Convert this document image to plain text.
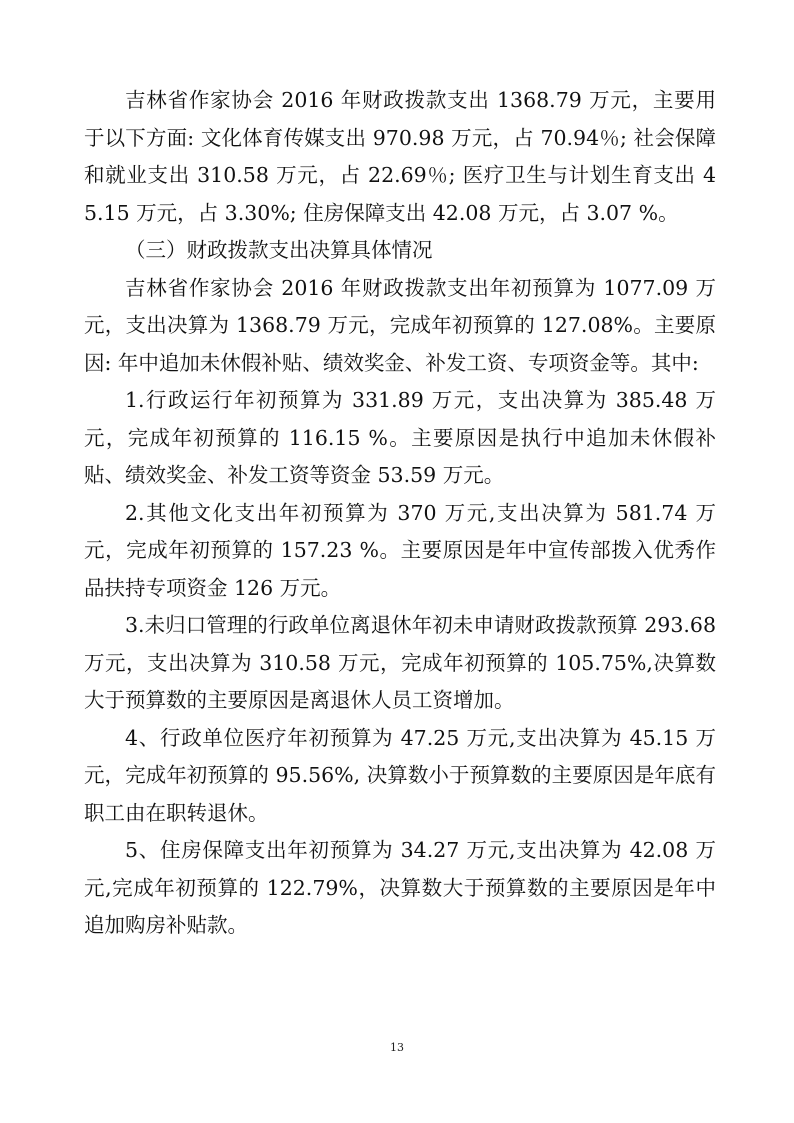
吉林省作家协会 2016 年财政拨款支出 1368.79 万元，主要用于以下方面: 文化体育传媒支出 970.98 万元，占 70.94％; 社会保障和就业支出 310.58 万元，占 22.69％; 医疗卫生与计划生育支出 45.15 万元，占 3.30%; 住房保障支出 42.08 万元，占 3.07 %。

（三）财政拨款支出决算具体情况

吉林省作家协会 2016 年财政拨款支出年初预算为 1077.09 万元，支出决算为 1368.79 万元，完成年初预算的 127.08%。主要原因: 年中追加未休假补贴、绩效奖金、补发工资、专项资金等。其中:

1.行政运行年初预算为 331.89 万元，支出决算为 385.48 万元，完成年初预算的 116.15 %。主要原因是执行中追加未休假补贴、绩效奖金、补发工资等资金 53.59 万元。

2.其他文化支出年初预算为 370 万元,支出决算为 581.74 万元，完成年初预算的 157.23 %。主要原因是年中宣传部拨入优秀作品扶持专项资金 126 万元。

3.未归口管理的行政单位离退休年初未申请财政拨款预算 293.68 万元，支出决算为 310.58 万元，完成年初预算的 105.75%,决算数大于预算数的主要原因是离退休人员工资增加。

4、行政单位医疗年初预算为 47.25 万元,支出决算为 45.15 万元，完成年初预算的 95.56%, 决算数小于预算数的主要原因是年底有职工由在职转退休。

5、住房保障支出年初预算为 34.27 万元,支出决算为 42.08 万元,完成年初预算的 122.79%，决算数大于预算数的主要原因是年中追加购房补贴款。

13
